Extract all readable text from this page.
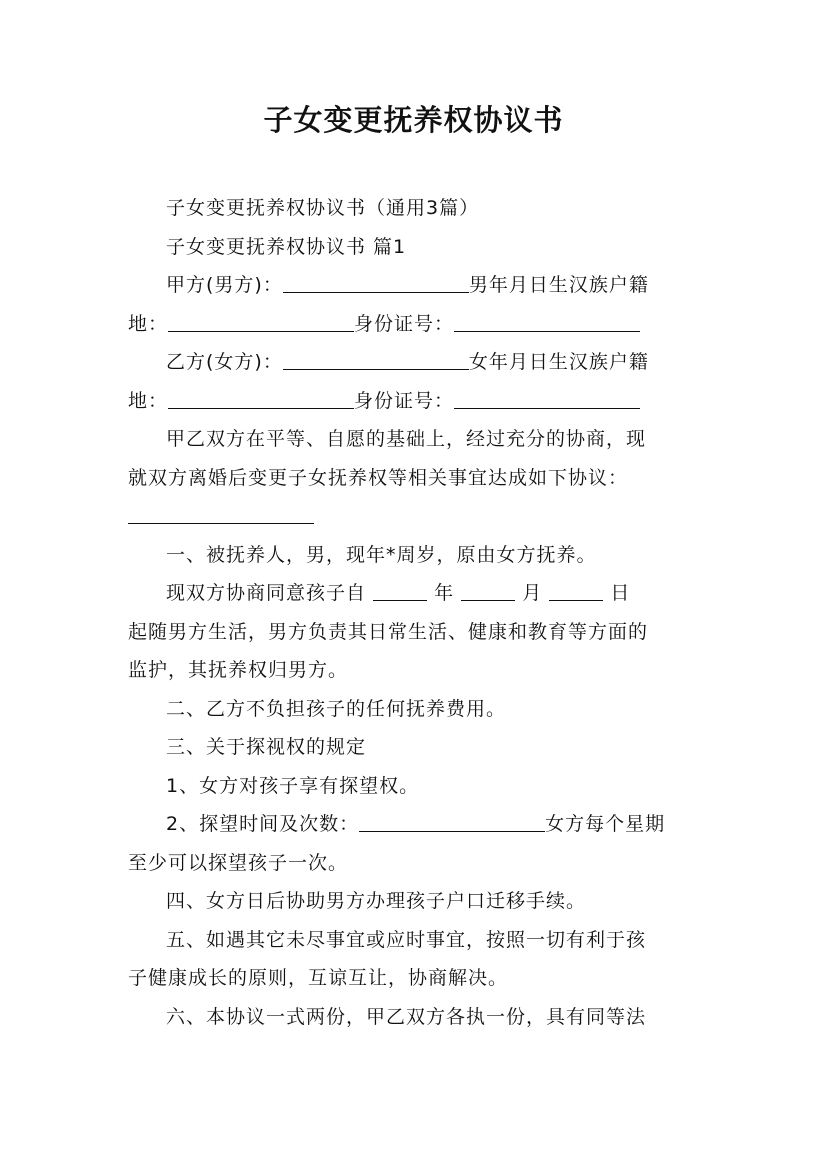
子女变更抚养权协议书
子女变更抚养权协议书（通用3篇）
子女变更抚养权协议书 篇1
甲方(男方)：	男年月日生汉族户籍
地：	身份证号：
乙方(女方)：	女年月日生汉族户籍
地：	身份证号：
甲乙双方在平等、自愿的基础上，经过充分的协商，现
就双方离婚后变更子女抚养权等相关事宜达成如下协议：
一、被抚养人，男，现年*周岁，原由女方抚养。
现双方协商同意孩子自	年	月	日
起随男方生活，男方负责其日常生活、健康和教育等方面的
监护，其抚养权归男方。
二、乙方不负担孩子的任何抚养费用。
三、关于探视权的规定
1、女方对孩子享有探望权。
2、探望时间及次数：	女方每个星期
至少可以探望孩子一次。
四、女方日后协助男方办理孩子户口迁移手续。
五、如遇其它未尽事宜或应时事宜，按照一切有利于孩
子健康成长的原则，互谅互让，协商解决。
六、本协议一式两份，甲乙双方各执一份，具有同等法
